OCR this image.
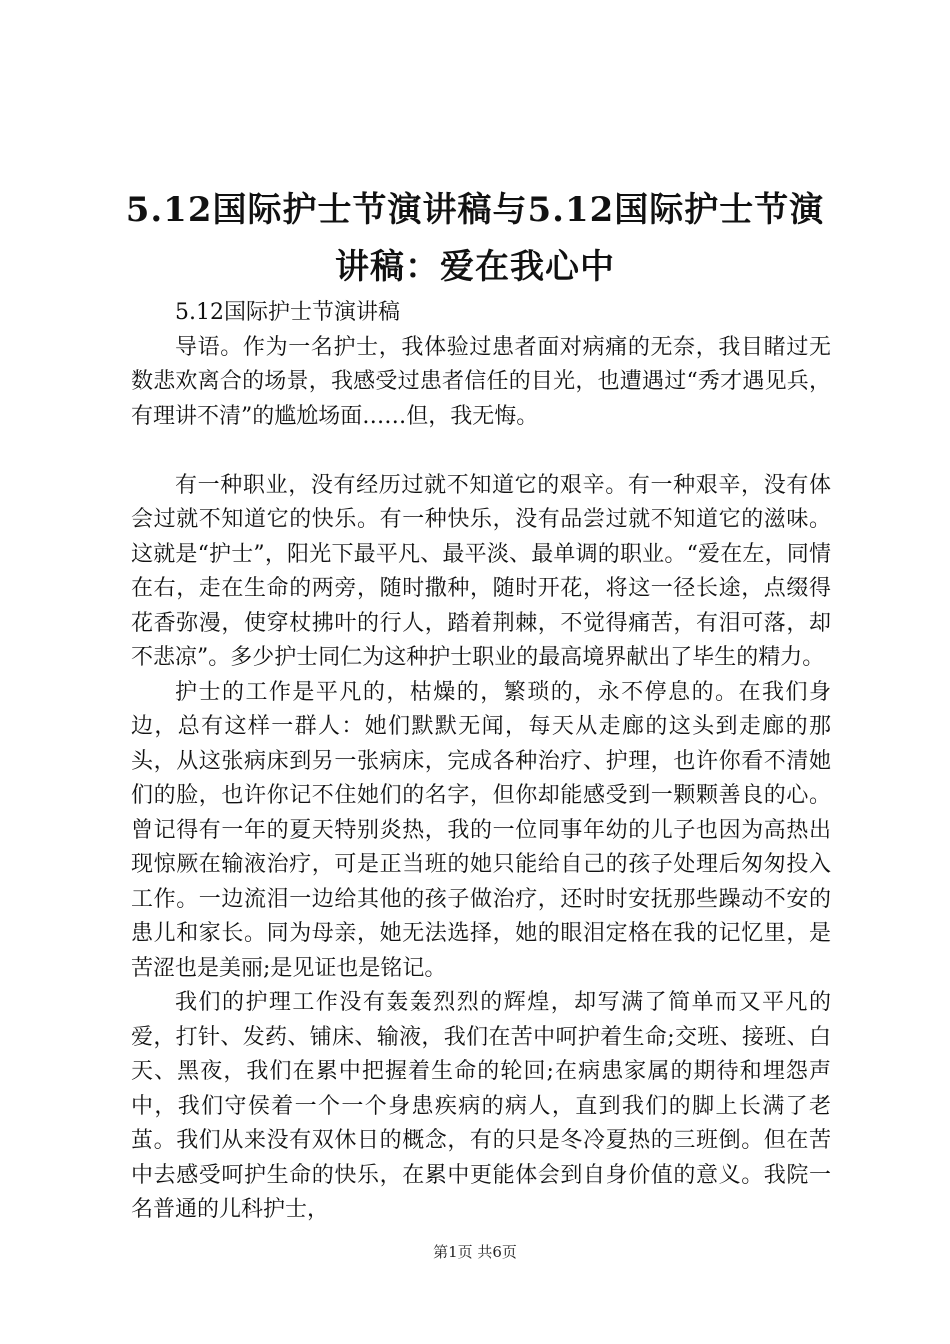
5.12国际护士节演讲稿与5.12国际护士节演
讲稿：爱在我心中

5.12国际护士节演讲稿

导语。作为一名护士，我体验过患者面对病痛的无奈，我目睹过无数悲欢离合的场景，我感受过患者信任的目光，也遭遇过“秀才遇见兵，有理讲不清”的尴尬场面……但，我无悔。

有一种职业，没有经历过就不知道它的艰辛。有一种艰辛，没有体会过就不知道它的快乐。有一种快乐，没有品尝过就不知道它的滋味。这就是“护士”，阳光下最平凡、最平淡、最单调的职业。“爱在左，同情在右，走在生命的两旁，随时撒种，随时开花，将这一径长途，点缀得花香弥漫，使穿杖拂叶的行人，踏着荆棘，不觉得痛苦，有泪可落，却不悲凉”。多少护士同仁为这种护士职业的最高境界献出了毕生的精力。

护士的工作是平凡的，枯燥的，繁琐的，永不停息的。在我们身边，总有这样一群人：她们默默无闻，每天从走廊的这头到走廊的那头，从这张病床到另一张病床，完成各种治疗、护理，也许你看不清她们的脸，也许你记不住她们的名字，但你却能感受到一颗颗善良的心。曾记得有一年的夏天特别炎热，我的一位同事年幼的儿子也因为高热出现惊厥在输液治疗，可是正当班的她只能给自己的孩子处理后匆匆投入工作。一边流泪一边给其他的孩子做治疗，还时时安抚那些躁动不安的患儿和家长。同为母亲，她无法选择，她的眼泪定格在我的记忆里，是苦涩也是美丽;是见证也是铭记。

我们的护理工作没有轰轰烈烈的辉煌，却写满了简单而又平凡的爱，打针、发药、铺床、输液，我们在苦中呵护着生命;交班、接班、白天、黑夜，我们在累中把握着生命的轮回;在病患家属的期待和埋怨声中，我们守侯着一个一个身患疾病的病人，直到我们的脚上长满了老茧。我们从来没有双休日的概念，有的只是冬冷夏热的三班倒。但在苦中去感受呵护生命的快乐，在累中更能体会到自身价值的意义。我院一名普通的儿科护士，

第1页 共6页
